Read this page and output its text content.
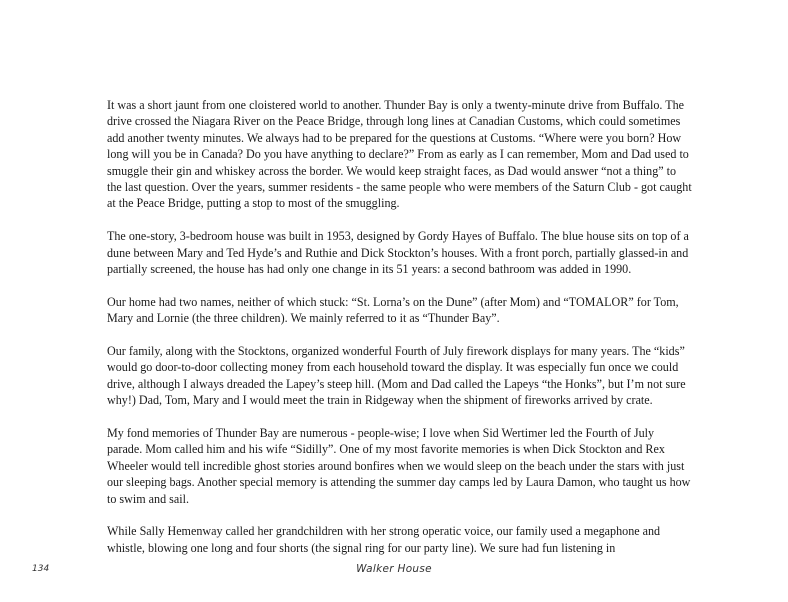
It was a short jaunt from one cloistered world to another. Thunder Bay is only a twenty-minute drive from Buffalo. The drive crossed the Niagara River on the Peace Bridge, through long lines at Canadian Customs, which could sometimes add another twenty minutes. We always had to be prepared for the questions at Customs. “Where were you born? How long will you be in Canada? Do you have anything to declare?” From as early as I can remember, Mom and Dad used to smuggle their gin and whiskey across the border. We would keep straight faces, as Dad would answer “not a thing” to the last question. Over the years, summer residents - the same people who were members of the Saturn Club - got caught at the Peace Bridge, putting a stop to most of the smuggling.

The one-story, 3-bedroom house was built in 1953, designed by Gordy Hayes of Buffalo. The blue house sits on top of a dune between Mary and Ted Hyde’s and Ruthie and Dick Stockton’s houses. With a front porch, partially glassed-in and partially screened, the house has had only one change in its 51 years: a second bathroom was added in 1990.

Our home had two names, neither of which stuck: “St. Lorna’s on the Dune” (after Mom) and “TOMALOR” for Tom, Mary and Lornie (the three children). We mainly referred to it as “Thunder Bay”.

Our family, along with the Stocktons, organized wonderful Fourth of July firework displays for many years. The “kids” would go door-to-door collecting money from each household toward the display. It was especially fun once we could drive, although I always dreaded the Lapey’s steep hill. (Mom and Dad called the Lapeys “the Honks”, but I’m not sure why!) Dad, Tom, Mary and I would meet the train in Ridgeway when the shipment of fireworks arrived by crate.

My fond memories of Thunder Bay are numerous - people-wise; I love when Sid Wertimer led the Fourth of July parade. Mom called him and his wife “Sidilly”. One of my most favorite memories is when Dick Stockton and Rex Wheeler would tell incredible ghost stories around bonfires when we would sleep on the beach under the stars with just our sleeping bags. Another special memory is attending the summer day camps led by Laura Damon, who taught us how to swim and sail.

While Sally Hemenway called her grandchildren with her strong operatic voice, our family used a megaphone and whistle, blowing one long and four shorts (the signal ring for our party line). We sure had fun listening in

134	Walker House
